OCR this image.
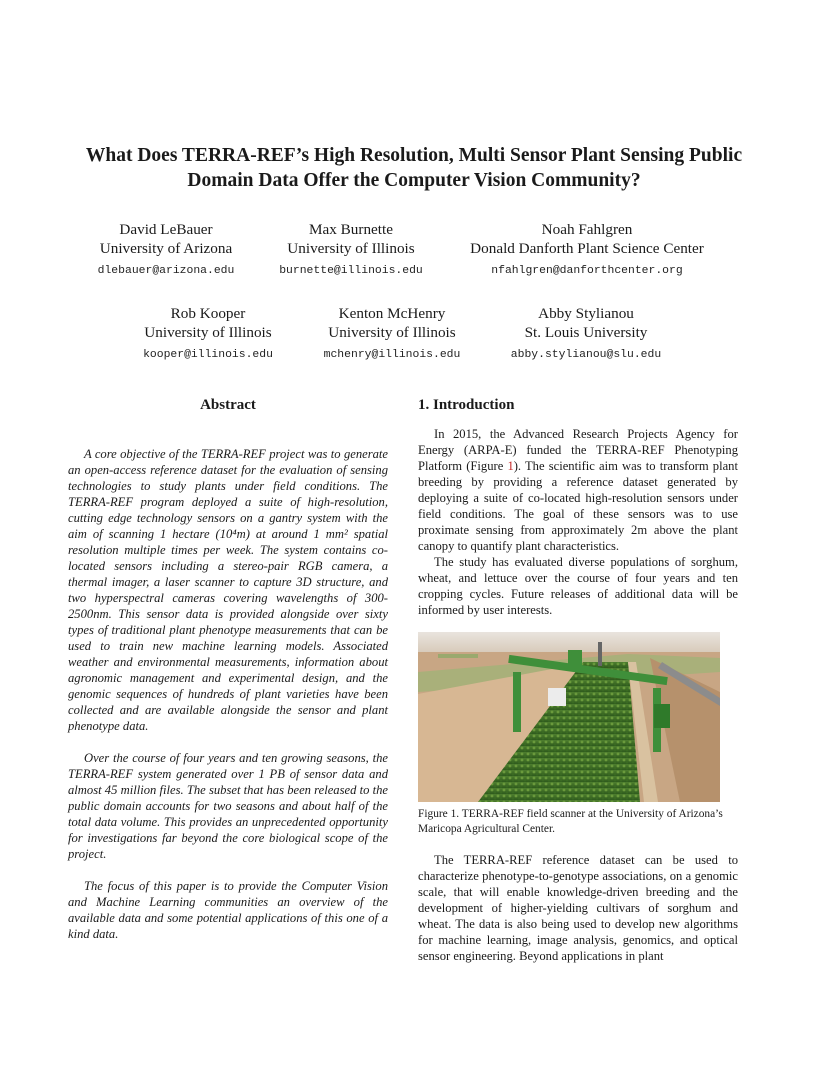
What Does TERRA-REF’s High Resolution, Multi Sensor Plant Sensing Public
Domain Data Offer the Computer Vision Community?
David LeBauer
University of Arizona
dlebauer@arizona.edu
Max Burnette
University of Illinois
burnette@illinois.edu
Noah Fahlgren
Donald Danforth Plant Science Center
nfahlgren@danforthcenter.org
Rob Kooper
University of Illinois
kooper@illinois.edu
Kenton McHenry
University of Illinois
mchenry@illinois.edu
Abby Stylianou
St. Louis University
abby.stylianou@slu.edu
Abstract

A core objective of the TERRA-REF project was to generate an open-access reference dataset for the evaluation of sensing technologies to study plants under field conditions. The TERRA-REF program deployed a suite of high-resolution, cutting edge technology sensors on a gantry system with the aim of scanning 1 hectare (10⁴m) at around 1 mm² spatial resolution multiple times per week. The system contains co-located sensors including a stereo-pair RGB camera, a thermal imager, a laser scanner to capture 3D structure, and two hyperspectral cameras covering wavelengths of 300-2500nm. This sensor data is provided alongside over sixty types of traditional plant phenotype measurements that can be used to train new machine learning models. Associated weather and environmental measurements, information about agronomic management and experimental design, and the genomic sequences of hundreds of plant varieties have been collected and are available alongside the sensor and plant phenotype data.

Over the course of four years and ten growing seasons, the TERRA-REF system generated over 1 PB of sensor data and almost 45 million files. The subset that has been released to the public domain accounts for two seasons and about half of the total data volume. This provides an unprecedented opportunity for investigations far beyond the core biological scope of the project.

The focus of this paper is to provide the Computer Vision and Machine Learning communities an overview of the available data and some potential applications of this one of a kind data.

1. Introduction

In 2015, the Advanced Research Projects Agency for Energy (ARPA-E) funded the TERRA-REF Phenotyping Platform (Figure 1). The scientific aim was to transform plant breeding by providing a reference dataset generated by deploying a suite of co-located high-resolution sensors under field conditions. The goal of these sensors was to use proximate sensing from approximately 2m above the plant canopy to quantify plant characteristics.

The study has evaluated diverse populations of sorghum, wheat, and lettuce over the course of four years and ten cropping cycles. Future releases of additional data will be informed by user interests.

Figure 1. TERRA-REF field scanner at the University of Arizona’s Maricopa Agricultural Center.

The TERRA-REF reference dataset can be used to characterize phenotype-to-genotype associations, on a genomic scale, that will enable knowledge-driven breeding and the development of higher-yielding cultivars of sorghum and wheat. The data is also being used to develop new algorithms for machine learning, image analysis, genomics, and optical sensor engineering. Beyond applications in plant
